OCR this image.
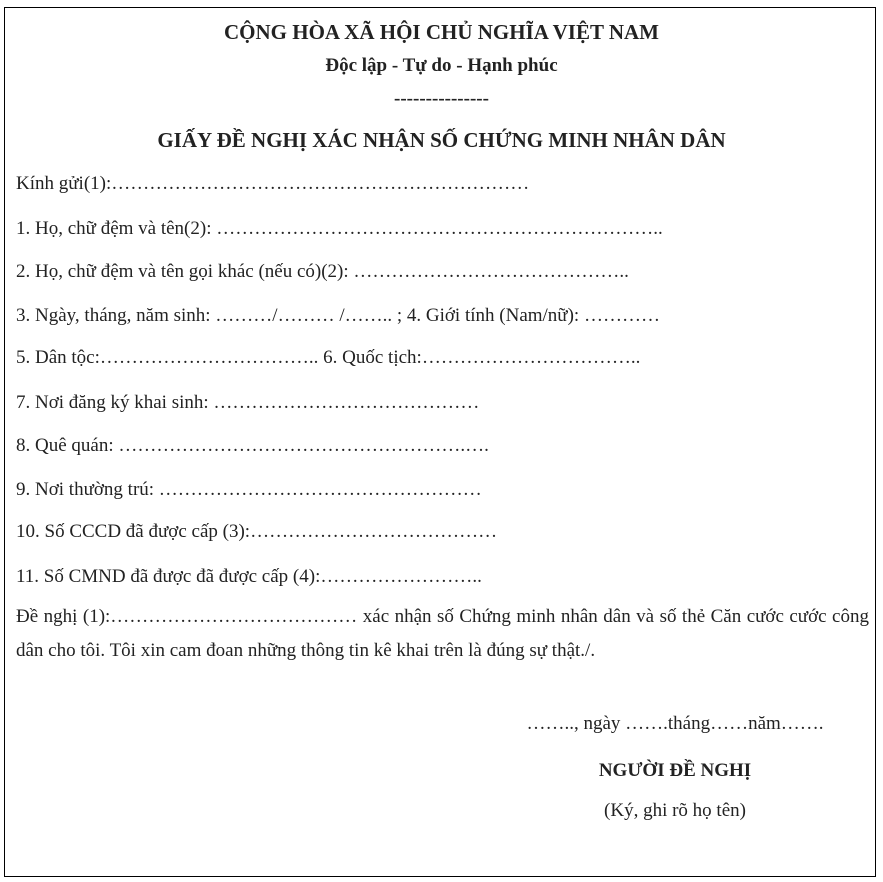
CỘNG HÒA XÃ HỘI CHỦ NGHĨA VIỆT NAM
Độc lập - Tự do - Hạnh phúc
---------------
GIẤY ĐỀ NGHỊ XÁC NHẬN SỐ CHỨNG MINH NHÂN DÂN
Kính gửi(1):…………………………………………………………
1. Họ, chữ đệm và tên(2): ……………………………………………………………..
2. Họ, chữ đệm và tên gọi khác (nếu có)(2): ……………………………………..
3. Ngày, tháng, năm sinh: ………/……… /…….. ; 4. Giới tính (Nam/nữ): …………
5. Dân tộc:…………………………….. 6. Quốc tịch:……………………………..
7. Nơi đăng ký khai sinh: ……………………………………
8. Quê quán: ……………………………………………….….
9. Nơi thường trú: ……………………………………………
10. Số CCCD đã được cấp (3):…………………………………
11. Số CMND đã được đã được cấp (4):……………………..
Đề nghị (1):………………………………… xác nhận số Chứng minh nhân dân và số thẻ Căn cước cước công dân cho tôi. Tôi xin cam đoan những thông tin kê khai trên là đúng sự thật./.
…….., ngày …….tháng……năm…….
NGƯỜI ĐỀ NGHỊ
(Ký, ghi rõ họ tên)
